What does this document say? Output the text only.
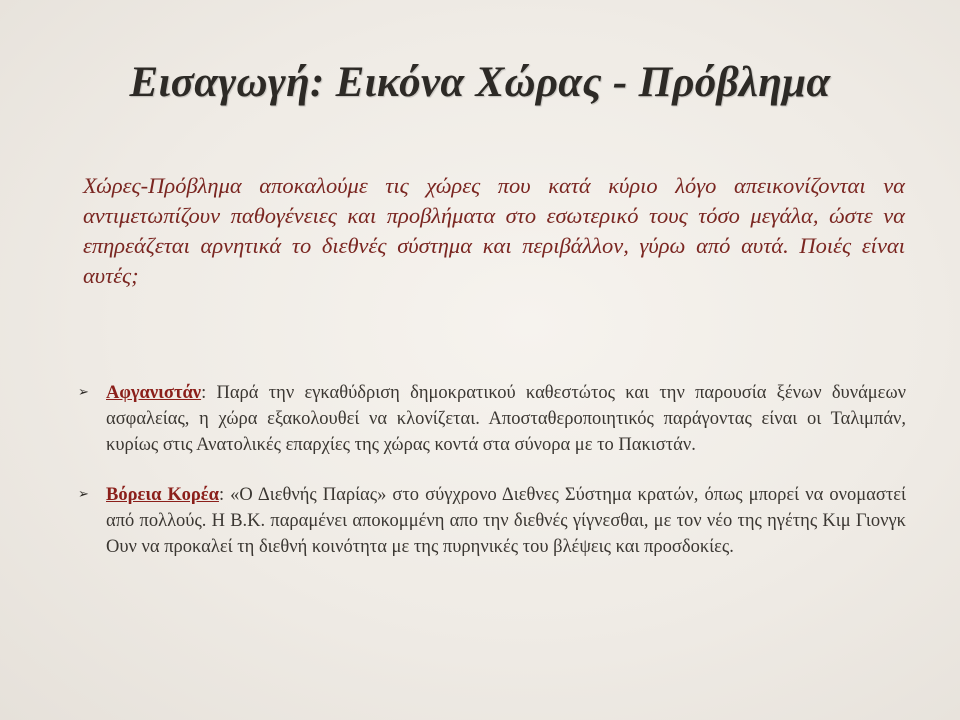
Εισαγωγή: Εικόνα Χώρας - Πρόβλημα

Χώρες-Πρόβλημα αποκαλούμε τις χώρες που κατά κύριο λόγο απεικονίζονται να αντιμετωπίζουν παθογένειες και προβλήματα στο εσωτερικό τους τόσο μεγάλα, ώστε να επηρεάζεται αρνητικά το διεθνές σύστημα και περιβάλλον, γύρω από αυτά. Ποιές είναι αυτές;

➢ Αφγανιστάν: Παρά την εγκαθύδριση δημοκρατικού καθεστώτος και την παρουσία ξένων δυνάμεων ασφαλείας, η χώρα εξακολουθεί να κλονίζεται. Αποσταθεροποιητικός παράγοντας είναι οι Ταλιμπάν, κυρίως στις Ανατολικές επαρχίες της χώρας κοντά στα σύνορα με το Πακιστάν.
➢ Βόρεια Κορέα: «Ο Διεθνής Παρίας» στο σύγχρονο Διεθνες Σύστημα κρατών, όπως μπορεί να ονομαστεί από πολλούς. Η Β.Κ. παραμένει αποκομμένη απο την διεθνές γίγνεσθαι, με τον νέο της ηγέτης Κιμ Γιονγκ Ουν να προκαλεί τη διεθνή κοινότητα με της πυρηνικές του βλέψεις και προσδοκίες.
